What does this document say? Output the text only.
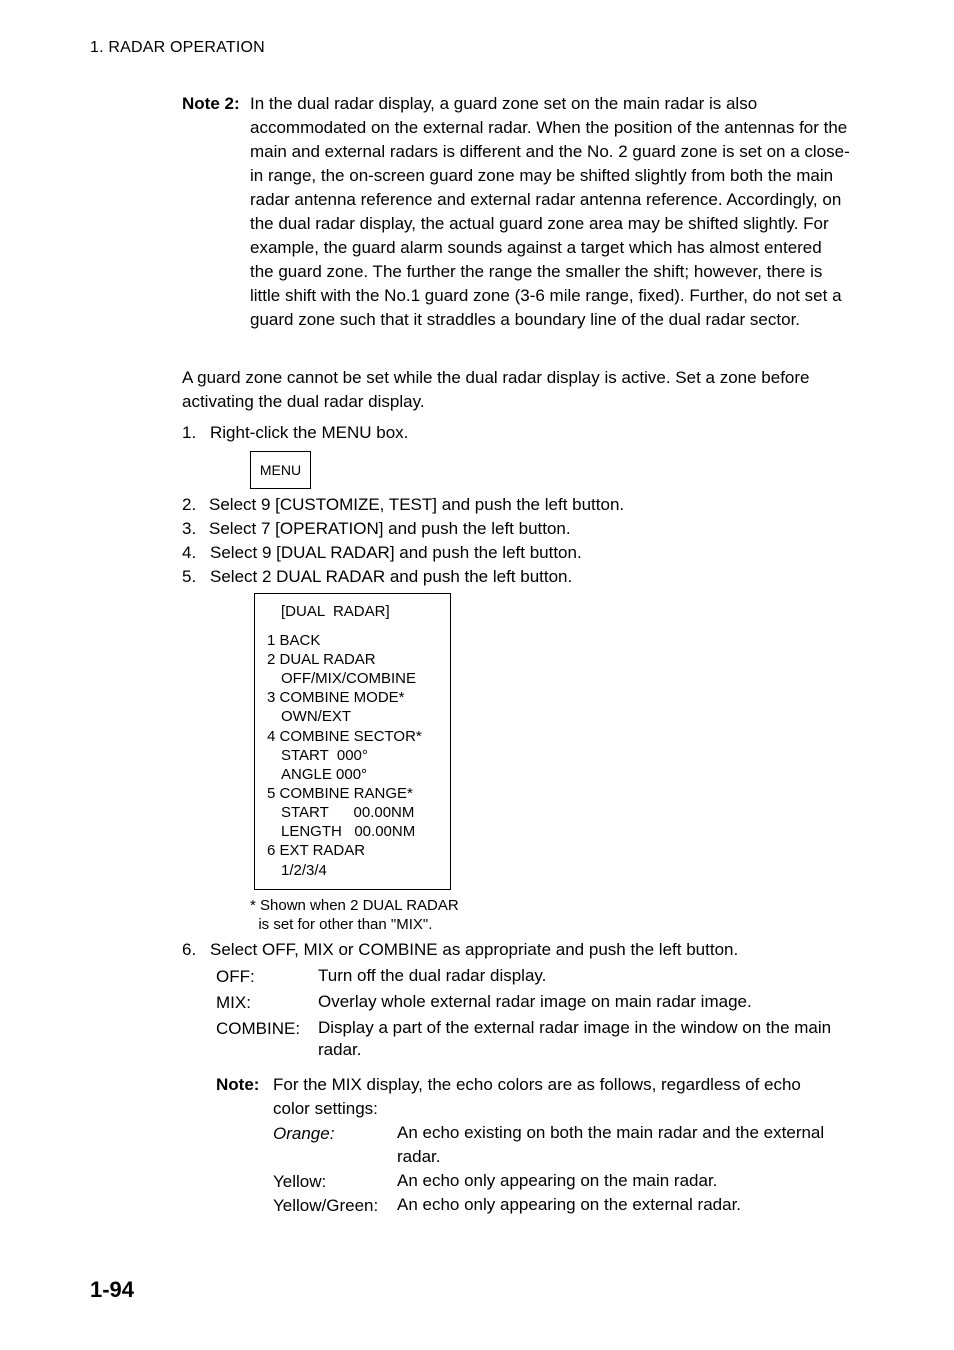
1. RADAR OPERATION
Note 2: In the dual radar display, a guard zone set on the main radar is also accommodated on the external radar. When the position of the antennas for the main and external radars is different and the No. 2 guard zone is set on a close-in range, the on-screen guard zone may be shifted slightly from both the main radar antenna reference and external radar antenna reference. Accordingly, on the dual radar display, the actual guard zone area may be shifted slightly. For example, the guard alarm sounds against a target which has almost entered the guard zone. The further the range the smaller the shift; however, there is little shift with the No.1 guard zone (3-6 mile range, fixed). Further, do not set a guard zone such that it straddles a boundary line of the dual radar sector.
A guard zone cannot be set while the dual radar display is active. Set a zone before activating the dual radar display.
1. Right-click the MENU box.
MENU
2. Select 9 [CUSTOMIZE, TEST] and push the left button.
3. Select 7 [OPERATION] and push the left button.
4. Select 9 [DUAL RADAR] and push the left button.
5. Select 2 DUAL RADAR and push the left button.
[DUAL  RADAR]
1 BACK
2 DUAL RADAR
OFF/MIX/COMBINE
3 COMBINE MODE*
OWN/EXT
4 COMBINE SECTOR*
START  000°
ANGLE 000°
5 COMBINE RANGE*
START      00.00NM
LENGTH   00.00NM
6 EXT RADAR
1/2/3/4
* Shown when 2 DUAL RADAR
is set for other than "MIX".
6. Select OFF, MIX or COMBINE as appropriate and push the left button.
OFF:	Turn off the dual radar display.
MIX:	Overlay whole external radar image on main radar image.
COMBINE: Display a part of the external radar image in the window on the main radar.
Note: For the MIX display, the echo colors are as follows, regardless of echo color settings:
Orange:	An echo existing on both the main radar and the external radar.
Yellow:	An echo only appearing on the main radar.
Yellow/Green: An echo only appearing on the external radar.
1-94
